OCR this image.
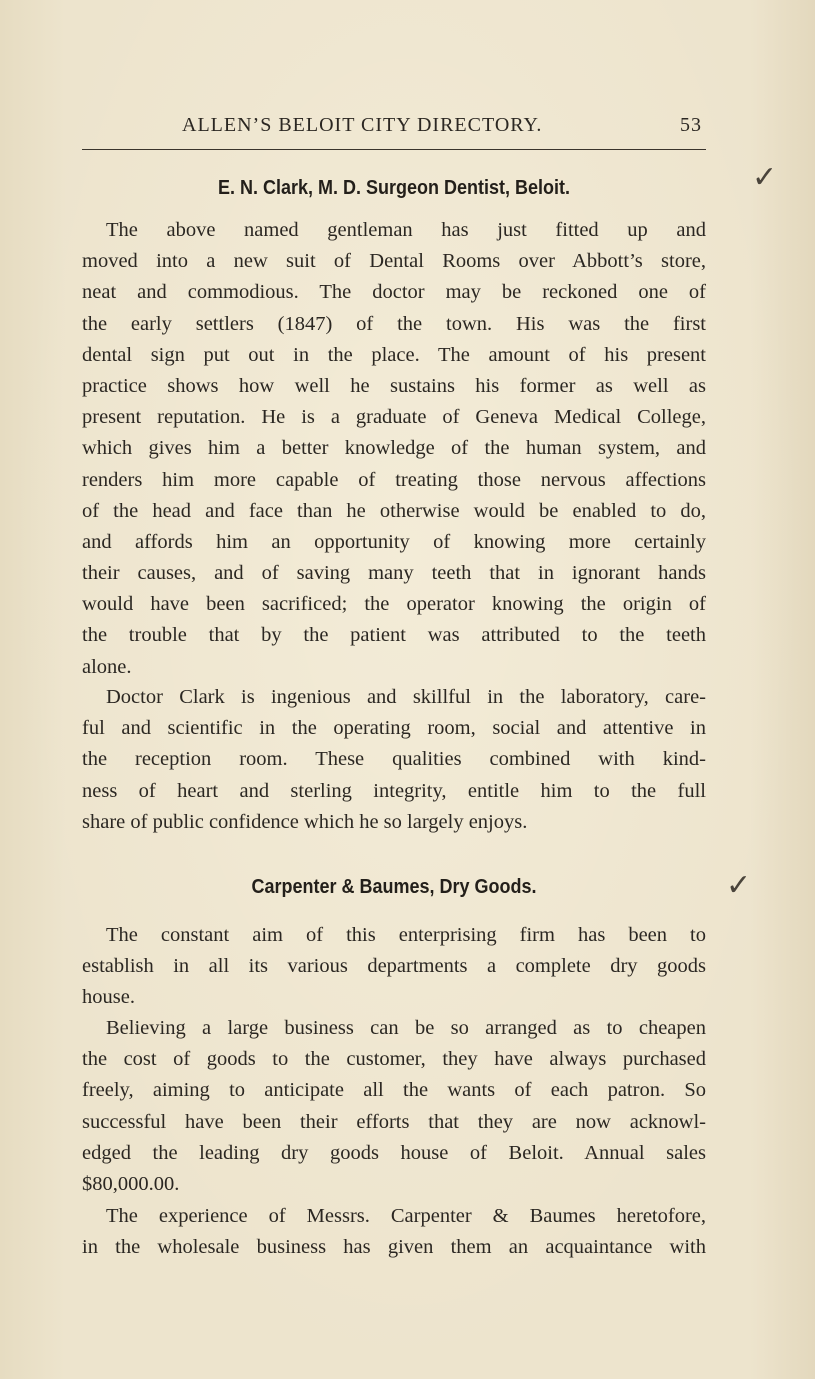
ALLEN’S BELOIT CITY DIRECTORY.	53
✓
✓
E. N. Clark, M. D. Surgeon Dentist, Beloit.
The above named gentleman has just fitted up and
moved into a new suit of Dental Rooms over Abbott’s store,
neat and commodious. The doctor may be reckoned one of
the early settlers (1847) of the town. His was the first
dental sign put out in the place. The amount of his present
practice shows how well he sustains his former as well as
present reputation. He is a graduate of Geneva Medical College,
which gives him a better knowledge of the human system, and
renders him more capable of treating those nervous affections
of the head and face than he otherwise would be enabled to do,
and affords him an opportunity of knowing more certainly
their causes, and of saving many teeth that in ignorant hands
would have been sacrificed; the operator knowing the origin of
the trouble that by the patient was attributed to the teeth
alone.
Doctor Clark is ingenious and skillful in the laboratory, care-
ful and scientific in the operating room, social and attentive in
the reception room. These qualities combined with kind-
ness of heart and sterling integrity, entitle him to the full
share of public confidence which he so largely enjoys.
Carpenter & Baumes, Dry Goods.
The constant aim of this enterprising firm has been to
establish in all its various departments a complete dry goods
house.
Believing a large business can be so arranged as to cheapen
the cost of goods to the customer, they have always purchased
freely, aiming to anticipate all the wants of each patron. So
successful have been their efforts that they are now acknowl-
edged the leading dry goods house of Beloit. Annual sales
$80,000.00.
The experience of Messrs. Carpenter & Baumes heretofore,
in the wholesale business has given them an acquaintance with
